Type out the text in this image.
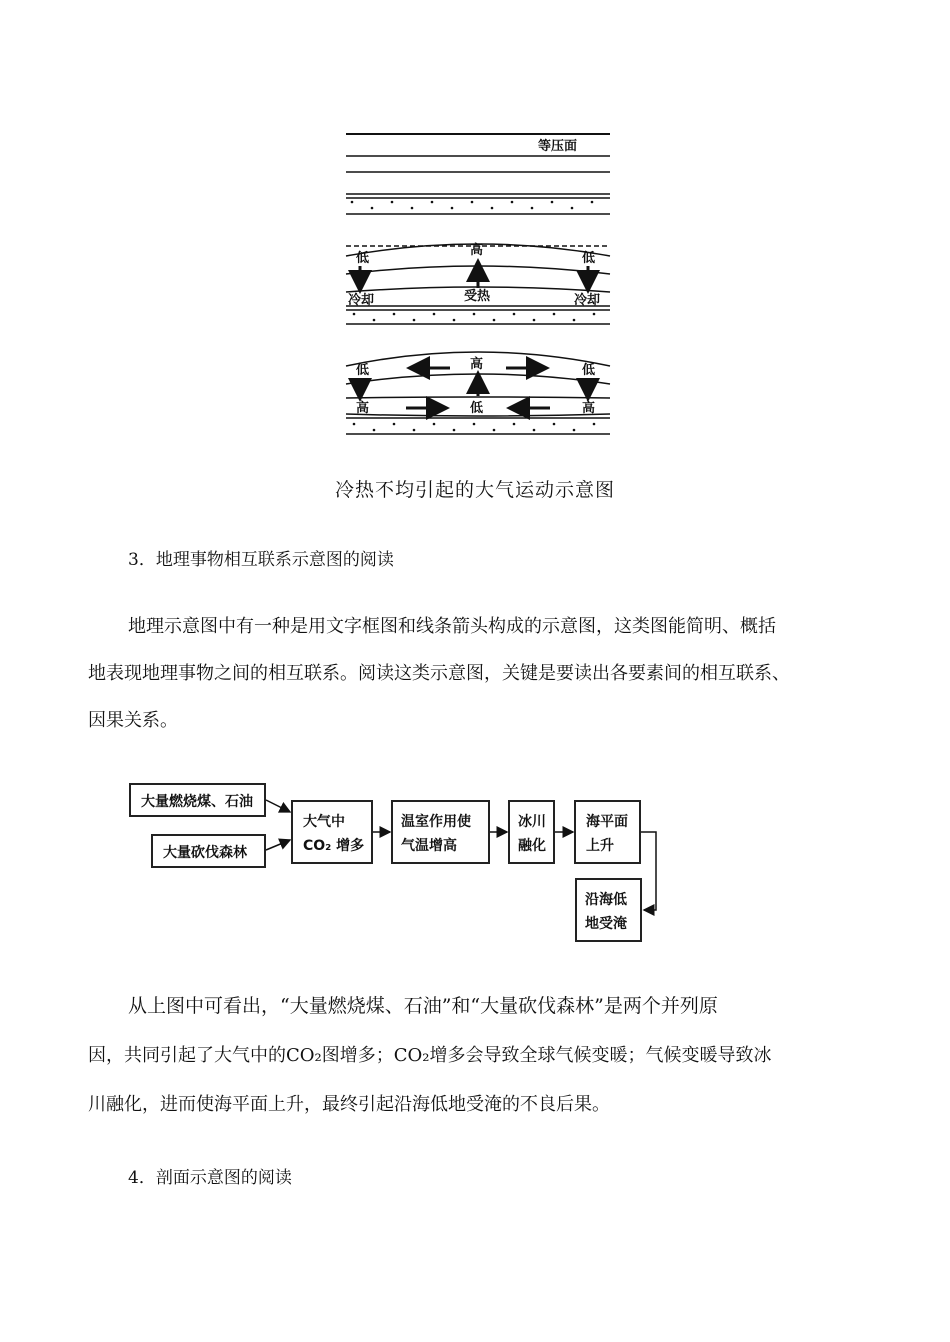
等压面
低
高
低
冷却	受热	冷却
低	高	低
高	低	高
冷热不均引起的大气运动示意图
3．地理事物相互联系示意图的阅读
地理示意图中有一种是用文字框图和线条箭头构成的示意图，这类图能简明、概括
地表现地理事物之间的相互联系。阅读这类示意图，关键是要读出各要素间的相互联系、
因果关系。
大量燃烧煤、石油
大量砍伐森林
大气中
CO₂ 增多
温室作用使
气温增高
冰川
融化
海平面
上升
沿海低
地受淹
从上图中可看出，“大量燃烧煤、石油”和“大量砍伐森林”是两个并列原
因，共同引起了大气中的CO₂图增多；CO₂增多会导致全球气候变暖；气候变暖导致冰
川融化，进而使海平面上升，最终引起沿海低地受淹的不良后果。
4．剖面示意图的阅读
